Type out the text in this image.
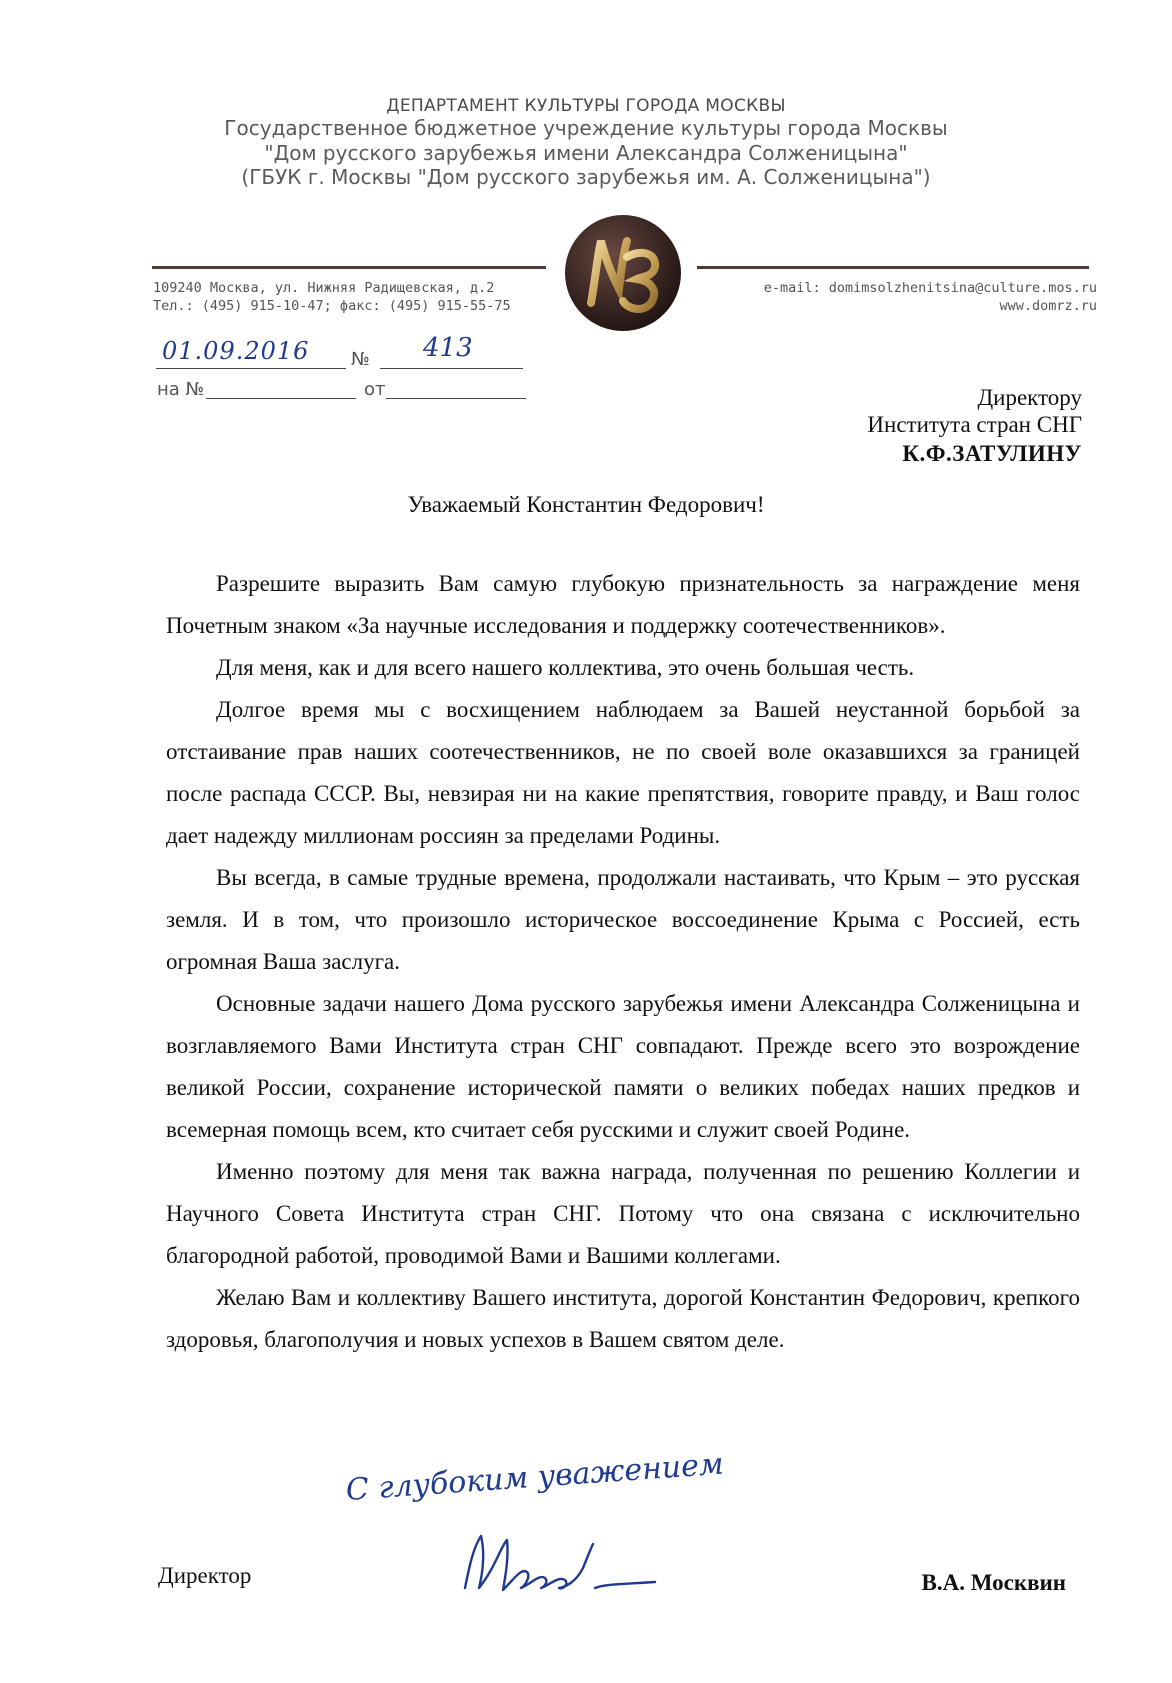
ДЕПАРТАМЕНТ КУЛЬТУРЫ ГОРОДА МОСКВЫ
Государственное бюджетное учреждение культуры города Москвы
"Дом русского зарубежья имени Александра Солженицына"
(ГБУК г. Москвы "Дом русского зарубежья им. А. Солженицына")
109240 Москва, ул. Нижняя Радищевская, д.2
Тел.: (495) 915-10-47; факс: (495) 915-55-75
e-mail: domimsolzhenitsina@culture.mos.ru
www.domrz.ru
01.09.2016 № 413
на №	от	Директору
Института стран СНГ
К.Ф.ЗАТУЛИНУ
Уважаемый Константин Федорович!

Разрешите выразить Вам самую глубокую признательность за награждение меня Почетным знаком «За научные исследования и поддержку соотечественников».

Для меня, как и для всего нашего коллектива, это очень большая честь.

Долгое время мы с восхищением наблюдаем за Вашей неустанной борьбой за отстаивание прав наших соотечественников, не по своей воле оказавшихся за границей после распада СССР. Вы, невзирая ни на какие препятствия, говорите правду, и Ваш голос дает надежду миллионам россиян за пределами Родины.

Вы всегда, в самые трудные времена, продолжали настаивать, что Крым – это русская земля. И в том, что произошло историческое воссоединение Крыма с Россией, есть огромная Ваша заслуга.

Основные задачи нашего Дома русского зарубежья имени Александра Солженицына и возглавляемого Вами Института стран СНГ совпадают. Прежде всего это возрождение великой России, сохранение исторической памяти о великих победах наших предков и всемерная помощь всем, кто считает себя русскими и служит своей Родине.

Именно поэтому для меня так важна награда, полученная по решению Коллегии и Научного Совета Института стран СНГ. Потому что она связана с исключительно благородной работой, проводимой Вами и Вашими коллегами.

Желаю Вам и коллективу Вашего института, дорогой Константин Федорович, крепкого здоровья, благополучия и новых успехов в Вашем святом деле.

С глубоким уважением
Директор	В.А. Москвин
